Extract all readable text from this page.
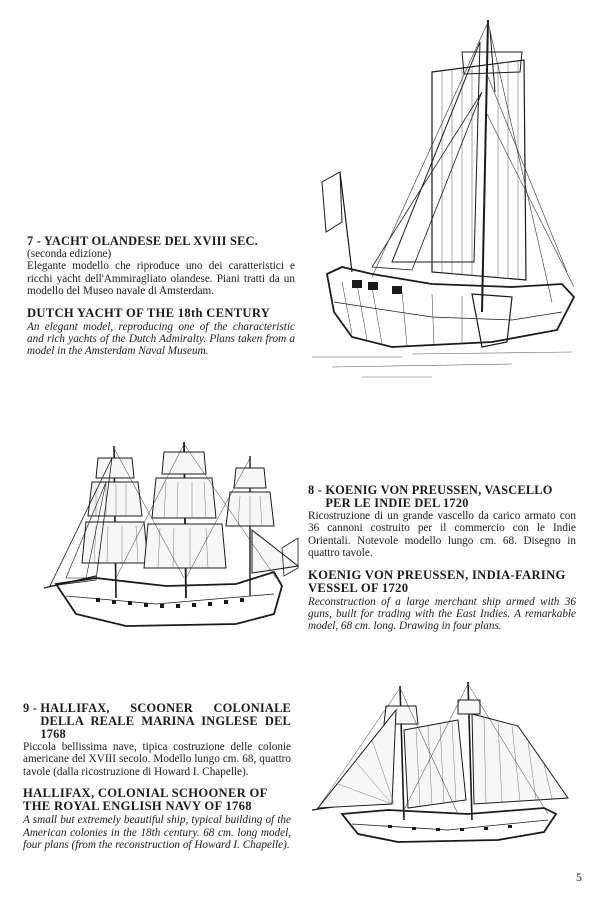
7 - YACHT OLANDESE DEL XVIII SEC.
(seconda edizione)
Elegante modello che riproduce uno dei caratteristici e ricchi yacht dell'Ammiragliato olandese. Piani tratti da un modello del Museo navale di Amsterdam.
DUTCH YACHT OF THE 18th CENTURY
An elegant model, reproducing one of the characteristic and rich yachts of the Dutch Admiralty. Plans taken from a model in the Amsterdam Naval Museum.
8 -
KOENIG VON PREUSSEN, VASCELLO PER LE INDIE DEL 1720
Ricostruzione di un grande vascello da carico armato con 36 cannoni costruito per il commercio con le Indie Orientali. Notevole modello lungo cm. 68. Disegno in quattro tavole.
KOENIG VON PREUSSEN, INDIA-FARING VESSEL OF 1720
Reconstruction of a large merchant ship armed with 36 guns, built for trading with the East Indies. A remarkable model, 68 cm. long. Drawing in four plans.
9 -
HALLIFAX, SCOONER COLONIALE DELLA REALE MARINA INGLESE DEL 1768
Piccola bellissima nave, tipica costruzione delle colonie americane del XVIII secolo. Modello lungo cm. 68, quattro tavole (dalla ricostruzione di Howard I. Chapelle).
HALLIFAX, COLONIAL SCHOONER OF THE ROYAL ENGLISH NAVY OF 1768
A small but extremely beautiful ship, typical building of the American colonies in the 18th century. 68 cm. long model, four plans (from the reconstruction of Howard I. Chapelle).
5
